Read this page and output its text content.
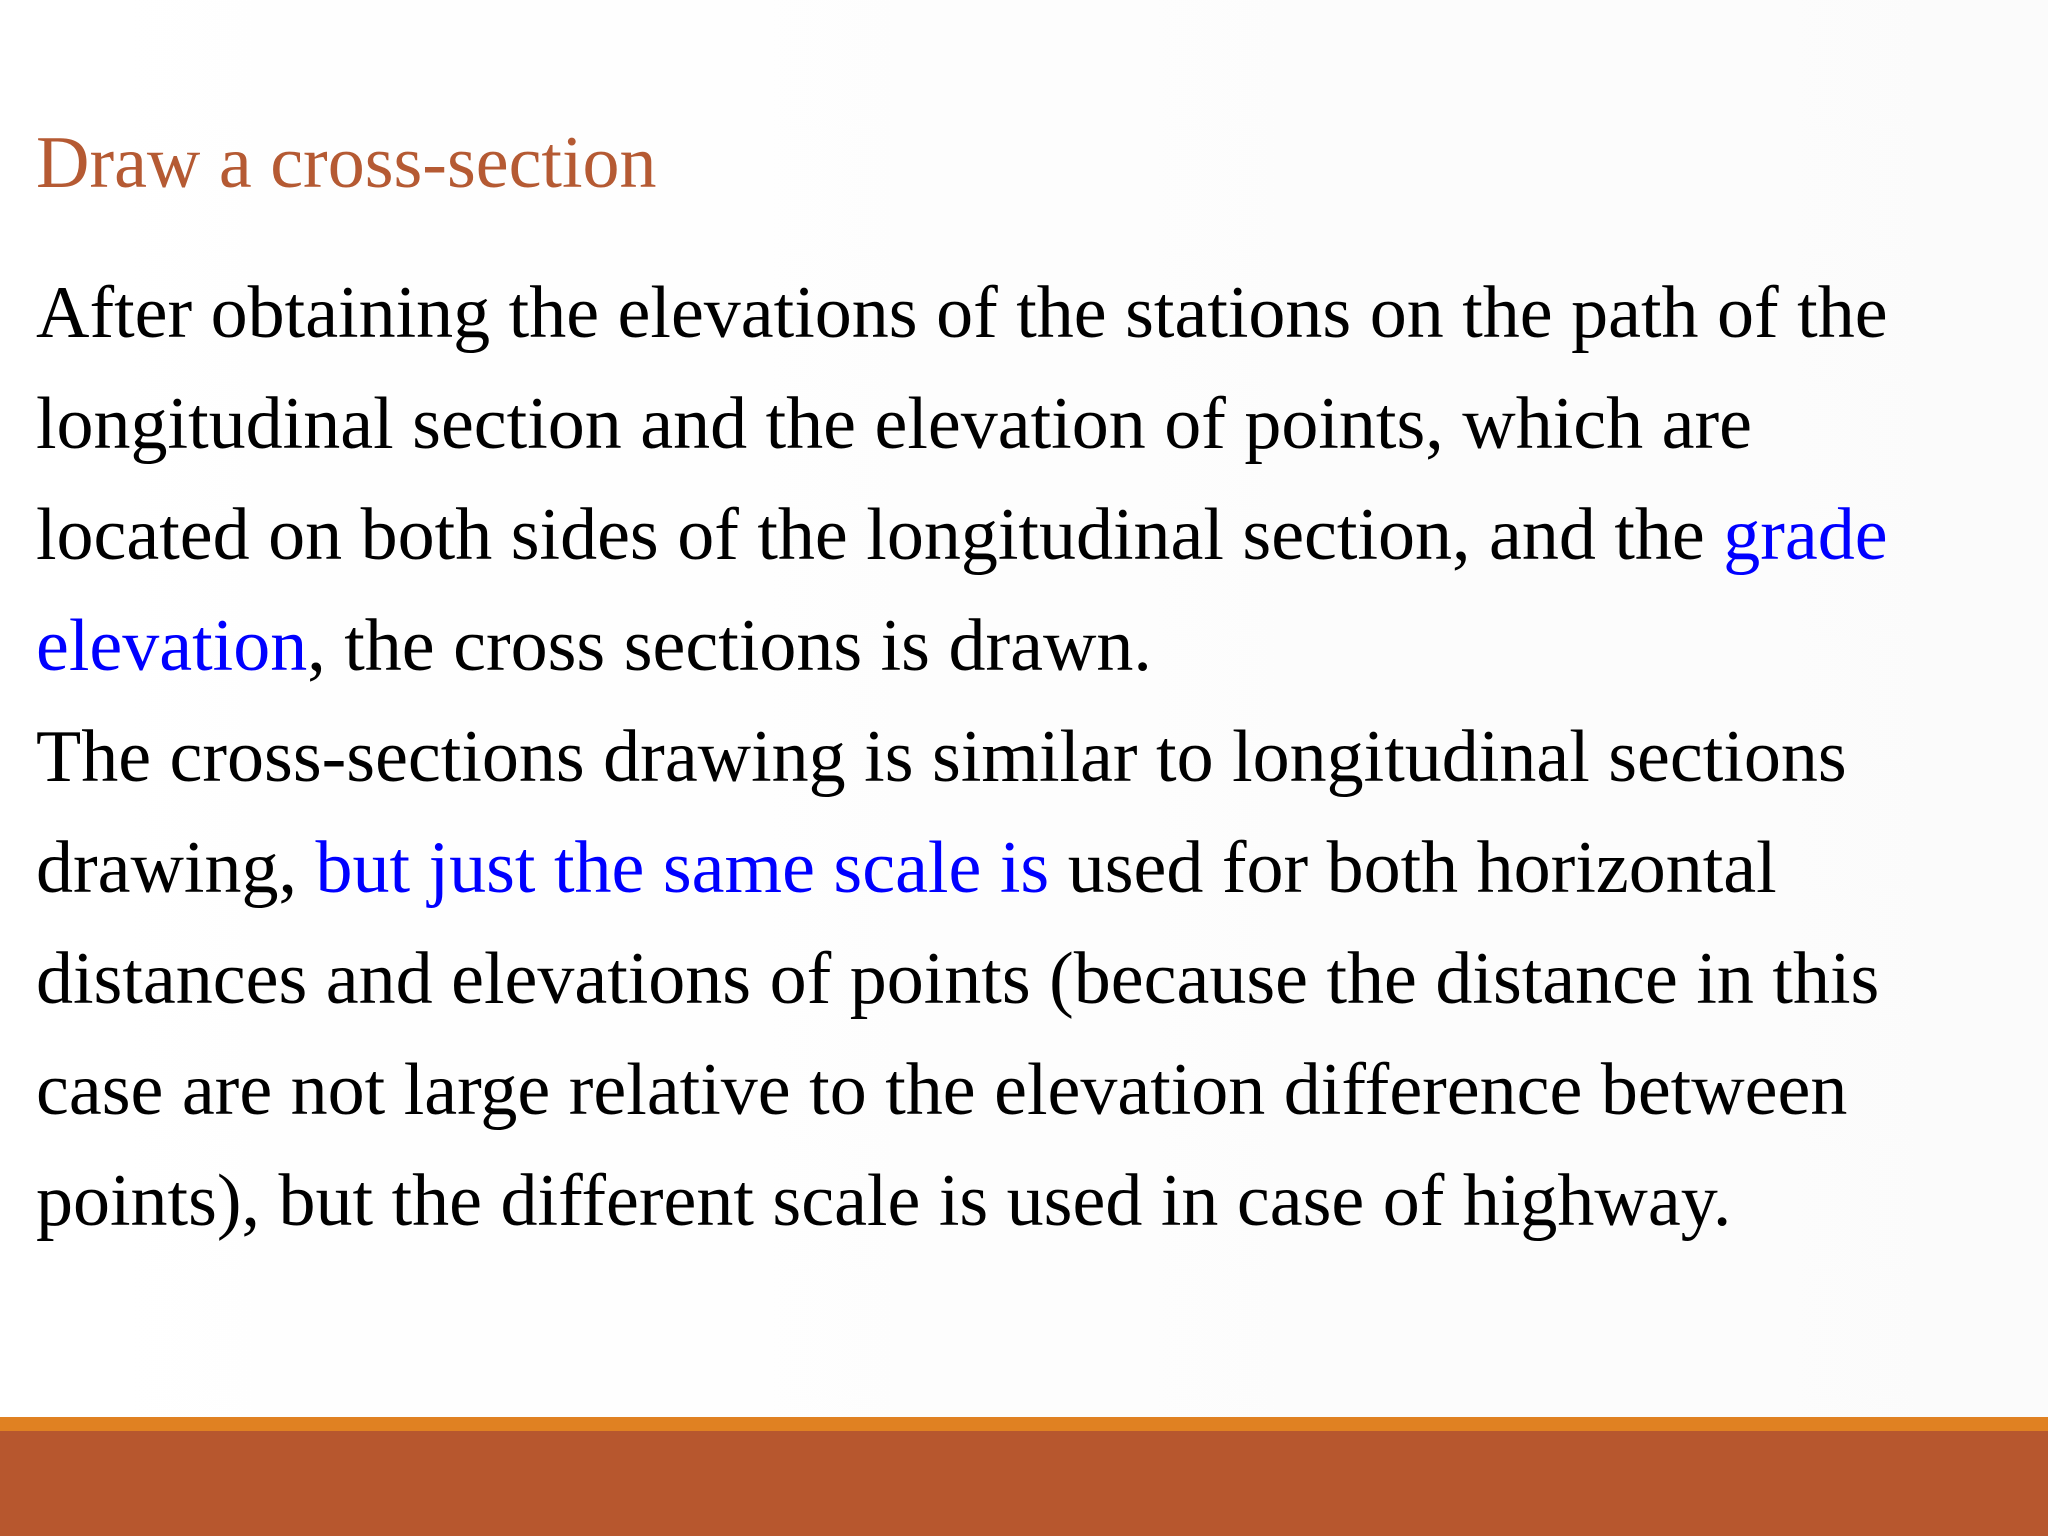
Draw a cross-section
After obtaining the elevations of the stations on the path of the
longitudinal section and the elevation of points, which are
located on both sides of the longitudinal section, and the grade
elevation, the cross sections is drawn.
The cross-sections drawing is similar to longitudinal sections
drawing, but just the same scale is used for both horizontal
distances and elevations of points (because the distance in this
case are not large relative to the elevation difference between
points), but the different scale is used in case of highway.
